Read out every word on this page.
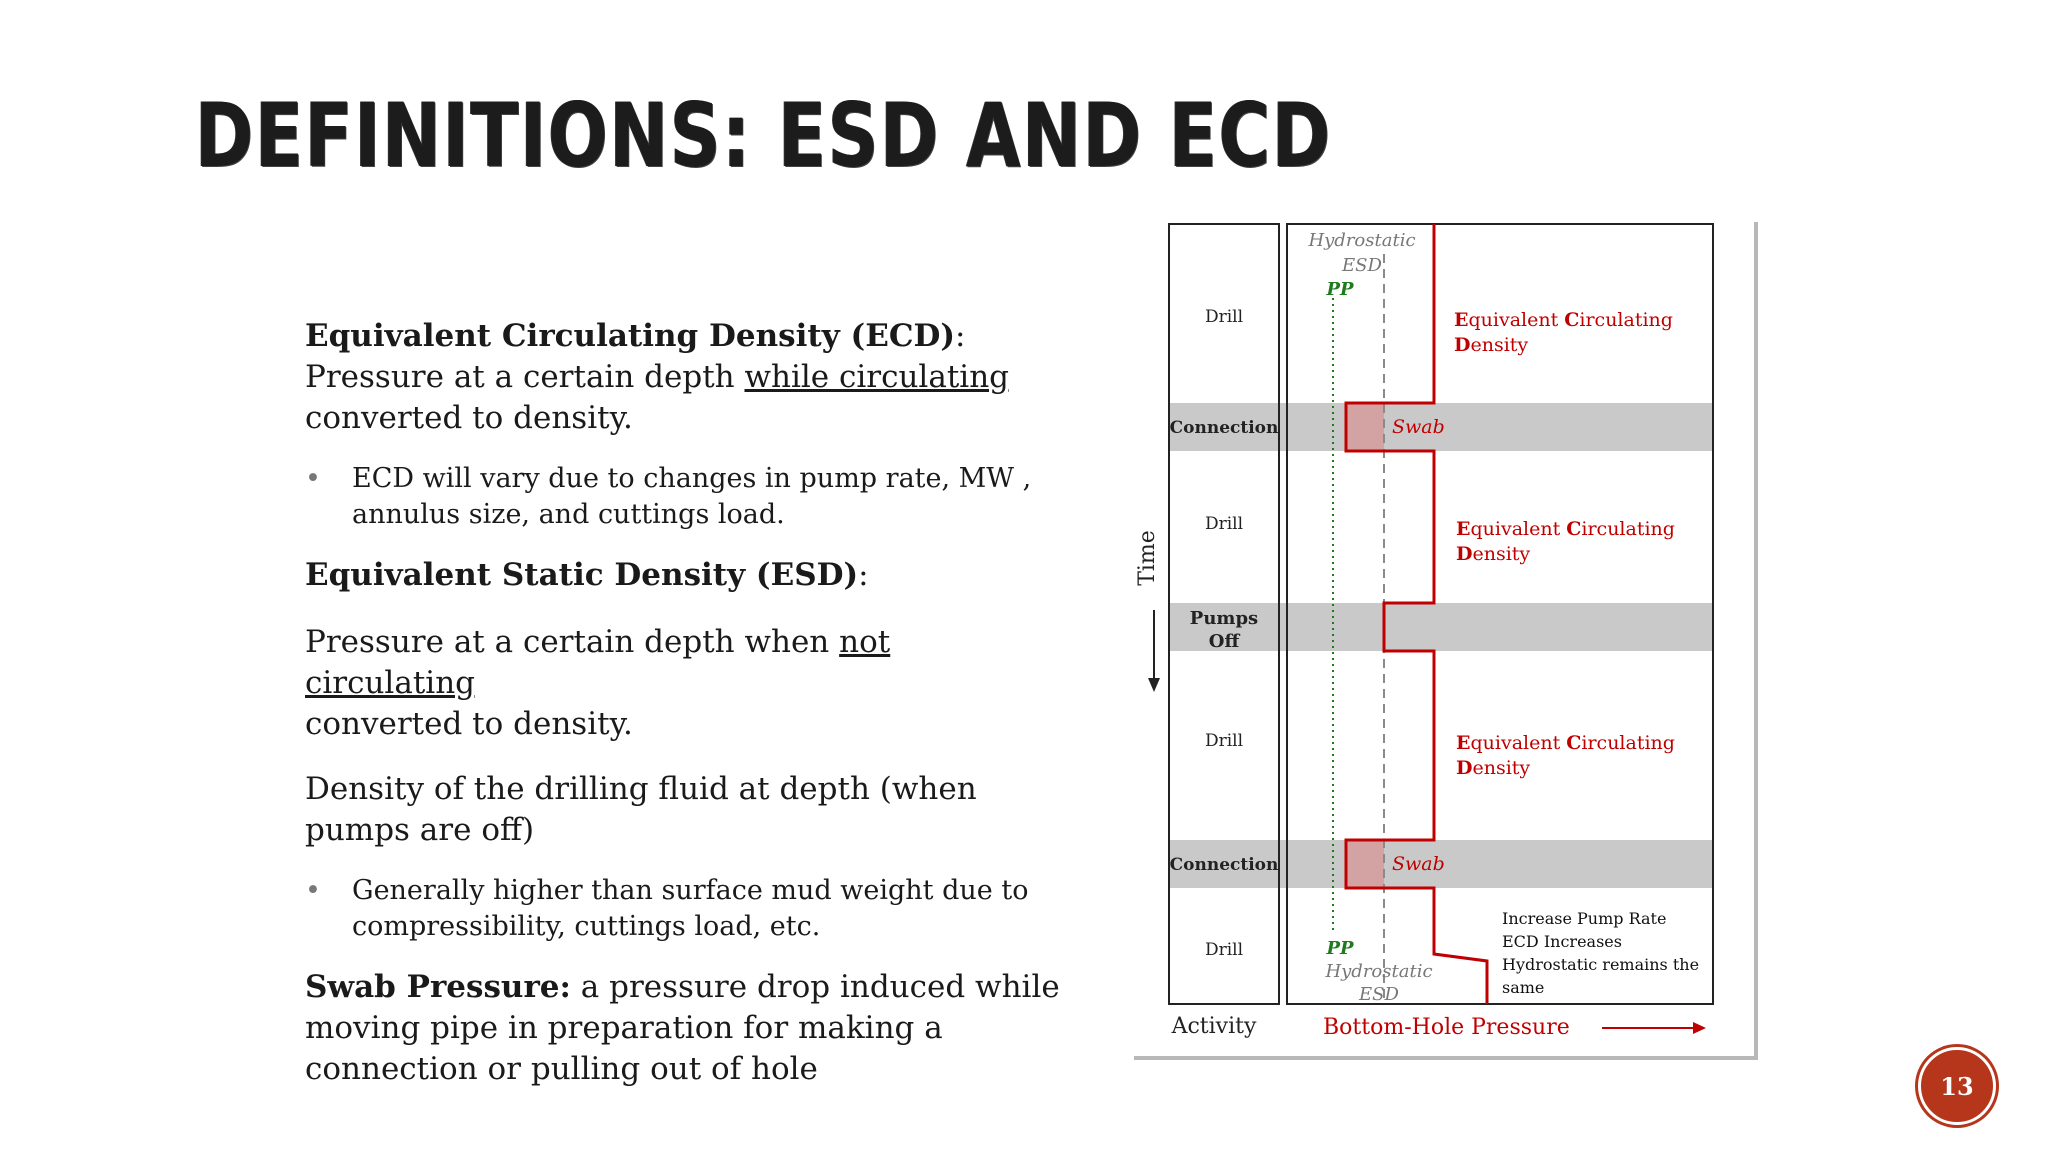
DEFINITIONS: ESD AND ECD

Equivalent Circulating Density (ECD):
Pressure at a certain depth while circulating
converted to density.

• ECD will vary due to changes in pump rate, MW , annulus size, and cuttings load.

Equivalent Static Density (ESD):

Pressure at a certain depth when not circulating
converted to density.

Density of the drilling fluid at depth (when pumps are off)

• Generally higher than surface mud weight due to compressibility, cuttings load, etc.

Swab Pressure: a pressure drop induced while moving pipe in preparation for making a connection or pulling out of hole

Drill
Connection
Drill
Pumps
Off
Drill
Connection
Drill
Hydrostatic
ESD
PP
PP
Hydrostatic
ESD
Equivalent Circulating
Density
Equivalent Circulating
Density
Equivalent Circulating
Density
Swab
Swab
Increase Pump Rate
ECD Increases
Hydrostatic remains the
same
Time
Activity	Bottom-Hole Pressure
13
